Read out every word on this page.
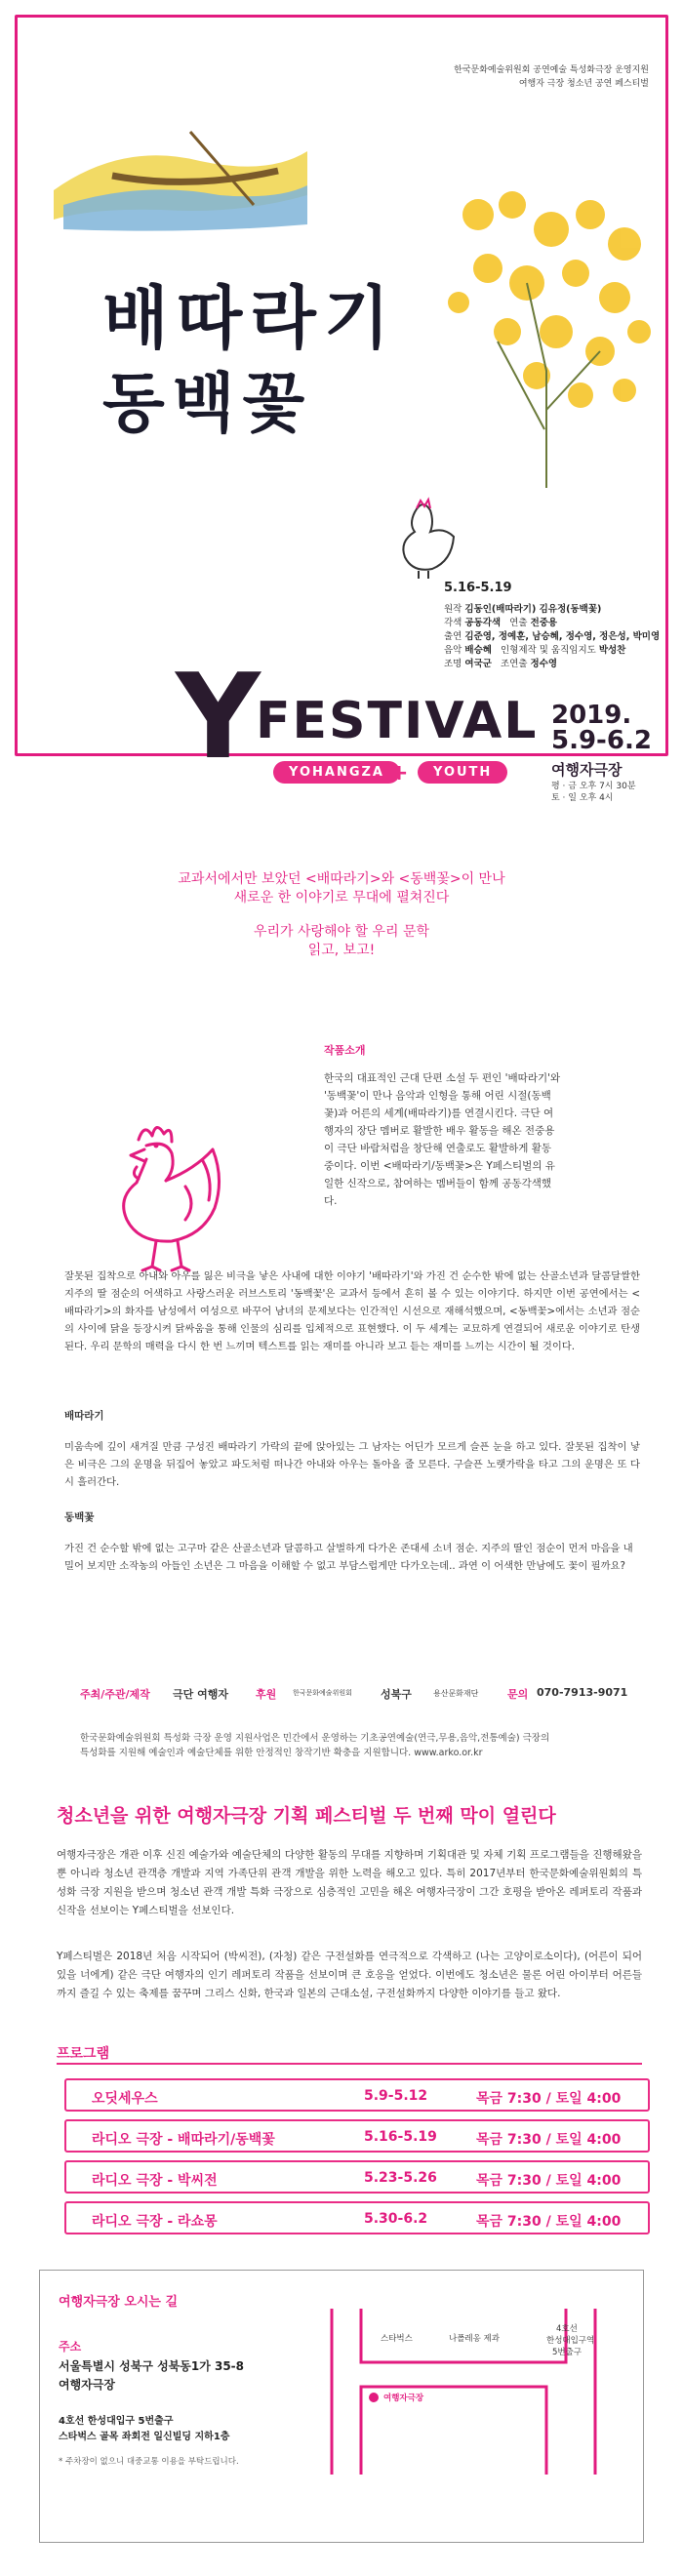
한국문화예술위원회 공연예술 특성화극장 운영지원
여행자 극장 청소년 공연 페스티벌
배따라기
동백꽃
5.16-5.19
원작 김동인(배따라기) 김유정(동백꽃)
각색 공동각색 연출 전중용
출연 김준영, 정예훈, 남승혜, 정수영, 정은성, 박미영
음악 배승혜 인형제작 및 움직임지도 박성찬
조명 여국군 조연출 정수영
Y
FESTIVAL
YOHANGZA +	YOUTH
2019.
5.9-6.2
여행자극장
평 · 금 오후 7시 30분
토 · 일 오후 4시
교과서에서만 보았던 <배따라기>와 <동백꽃>이 만나
새로운 한 이야기로 무대에 펼쳐진다
우리가 사랑해야 할 우리 문학
읽고, 보고!
작품소개
한국의 대표적인 근대 단편 소설 두 편인 '배따라기'와 '동백꽃'이 만나 음악과 인형을 통해 어린 시절(동백꽃)과 어른의 세계(배따라기)를 연결시킨다. 극단 여행자의 장단 멤버로 활발한 배우 활동을 해온 전중용이 극단 바람처럼을 창단해 연출로도 활발하게 활동 중이다. 이번 <배따라기/동백꽃>은 Y페스티벌의 유일한 신작으로, 참여하는 멤버들이 함께 공동각색했다.
잘못된 집착으로 아내와 아우를 잃은 비극을 낳은 사내에 대한 이야기 '배따라기'와 가진 건 순수한 밖에 없는 산골소년과 달콤달쌀한 지주의 딸 점순의 어색하고 사랑스러운 러브스토리 '동백꽃'은 교과서 등에서 흔히 볼 수 있는 이야기다. 하지만 이번 공연에서는 <배따라기>의 화자를 남성에서 여성으로 바꾸어 남녀의 문제보다는 인간적인 시선으로 재해석했으며, <동백꽃>에서는 소년과 점순의 사이에 닭을 등장시켜 닭싸움을 통해 인물의 심리를 입체적으로 표현했다. 이 두 세계는 교묘하게 연결되어 새로운 이야기로 탄생된다. 우리 문학의 매력을 다시 한 번 느끼며 텍스트를 읽는 재미를 아니라 보고 듣는 재미를 느끼는 시간이 될 것이다.
배따라기
미움속에 깊이 새겨질 만큼 구성진 배따라기 가락의 끝에 앉아있는 그 남자는 어딘가 모르게 슬픈 눈을 하고 있다. 잘못된 집착이 낳은 비극은 그의 운명을 뒤집어 놓았고 파도처럼 떠나간 아내와 아우는 돌아올 줄 모른다. 구슬픈 노랫가락을 타고 그의 운명은 또 다시 흘러간다.
동백꽃
가진 건 순수할 밖에 없는 고구마 같은 산골소년과 달콤하고 살벌하게 다가온 존대세 소녀 점순. 지주의 딸인 점순이 먼저 마음을 내밀어 보지만 소작농의 아들인 소년은 그 마음을 이해할 수 없고 부담스럽게만 다가오는데.. 과연 이 어색한 만남에도 꽃이 필까요?
주최/주관/제작 극단 여행자	후원 한국문화예술위원회	성북구	용산문화재단	문의 070-7913-9071
한국문화예술위원회 특성화 극장 운영 지원사업은 민간에서 운영하는 기초공연예술(연극,무용,음악,전통예술) 극장의
특성화를 지원해 예술인과 예술단체를 위한 안정적인 창작기반 확충을 지원합니다. www.arko.or.kr
청소년을 위한 여행자극장 기획 페스티벌 두 번째 막이 열린다
여행자극장은 개관 이후 신진 예술가와 예술단체의 다양한 활동의 무대를 지향하며 기획대관 및 자체 기획 프로그램들을 진행해왔을 뿐 아니라 청소년 관객층 개발과 지역 가족단위 관객 개발을 위한 노력을 해오고 있다. 특히 2017년부터 한국문화예술위원회의 특성화 극장 지원을 받으며 청소년 관객 개발 특화 극장으로 심층적인 고민을 해온 여행자극장이 그간 호평을 받아온 레퍼토리 작품과 신작을 선보이는 Y페스티벌을 선보인다.
Y페스티벌은 2018년 처음 시작되어 (박씨전), (자청) 같은 구전설화를 연극적으로 각색하고 (나는 고양이로소이다), (어른이 되어 있을 너에게) 같은 극단 여행자의 인기 레퍼토리 작품을 선보이며 큰 호응을 얻었다. 이번에도 청소년은 물론 어린 아이부터 어른들까지 즐길 수 있는 축제를 꿈꾸며 그리스 신화, 한국과 일본의 근대소설, 구전설화까지 다양한 이야기를 들고 왔다.
프로그램
오딧세우스	5.9-5.12	목금 7:30 / 토일 4:00
라디오 극장 - 배따라기/동백꽃	5.16-5.19	목금 7:30 / 토일 4:00
라디오 극장 - 박씨전	5.23-5.26	목금 7:30 / 토일 4:00
라디오 극장 - 라쇼몽	5.30-6.2	목금 7:30 / 토일 4:00
여행자극장 오시는 길
주소
서울특별시 성북구 성북동1가 35-8
여행자극장
4호선 한성대입구 5번출구
스타벅스 골목 좌회전 일신빌딩 지하1층
* 주차장이 없으니 대중교통 이용을 부탁드립니다.
스타벅스	나폴레옹 제과
4호선
한성대입구역
5번출구
여행자극장
